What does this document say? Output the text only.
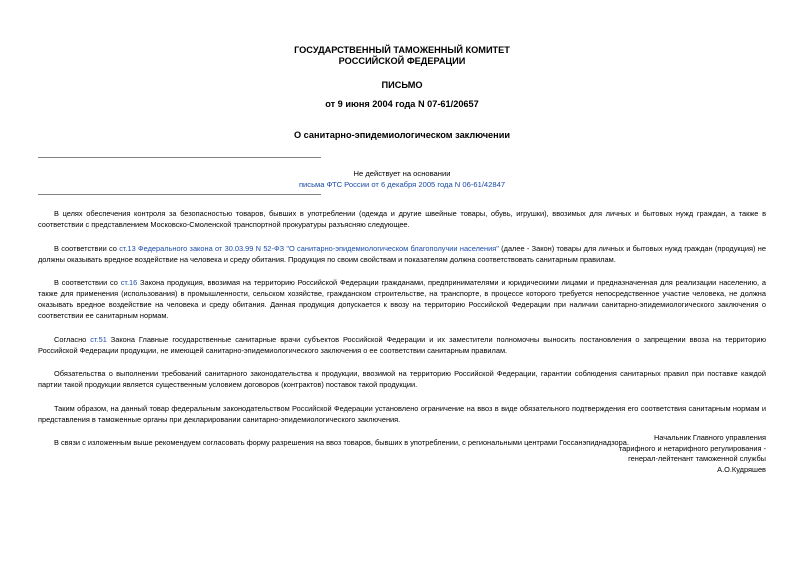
ГОСУДАРСТВЕННЫЙ ТАМОЖЕННЫЙ КОМИТЕТ
РОССИЙСКОЙ ФЕДЕРАЦИИ
ПИСЬМО
от 9 июня 2004 года N 07-61/20657
О санитарно-эпидемиологическом заключении
Не действует на основании
письма ФТС России от 6 декабря 2005 года N 06-61/42847

В целях обеспечения контроля за безопасностью товаров, бывших в употреблении (одежда и другие швейные товары, обувь, игрушки), ввозимых для личных и бытовых нужд граждан, а также в соответствии с представлением Московско-Смоленской транспортной прокуратуры разъясняю следующее.

В соответствии со ст.13 Федерального закона от 30.03.99 N 52-ФЗ "О санитарно-эпидемиологическом благополучии населения" (далее - Закон) товары для личных и бытовых нужд граждан (продукция) не должны оказывать вредное воздействие на человека и среду обитания. Продукция по своим свойствам и показателям должна соответствовать санитарным правилам.

В соответствии со ст.16 Закона продукция, ввозимая на территорию Российской Федерации гражданами, предпринимателями и юридическими лицами и предназначенная для реализации населению, а также для применения (использования) в промышленности, сельском хозяйстве, гражданском строительстве, на транспорте, в процессе которого требуется непосредственное участие человека, не должна оказывать вредное воздействие на человека и среду обитания. Данная продукция допускается к ввозу на территорию Российской Федерации при наличии санитарно-эпидемиологического заключения о соответствии ее санитарным нормам.

Согласно ст.51 Закона Главные государственные санитарные врачи субъектов Российской Федерации и их заместители полномочны выносить постановления о запрещении ввоза на территорию Российской Федерации продукции, не имеющей санитарно-эпидемиологического заключения о ее соответствии санитарным правилам.

Обязательства о выполнении требований санитарного законодательства к продукции, ввозимой на территорию Российской Федерации, гарантии соблюдения санитарных правил при поставке каждой партии такой продукции является существенным условием договоров (контрактов) поставок такой продукции.

Таким образом, на данный товар федеральным законодательством Российской Федерации установлено ограничение на ввоз в виде обязательного подтверждения его соответствия санитарным нормам и представления в таможенные органы при декларировании санитарно-эпидемиологического заключения.

В связи с изложенным выше рекомендуем согласовать форму разрешения на ввоз товаров, бывших в употреблении, с региональными центрами Госсанэпиднадзора.

Начальник Главного управления
тарифного и нетарифного регулирования -
генерал-лейтенант таможенной службы
А.О.Кудряшев
